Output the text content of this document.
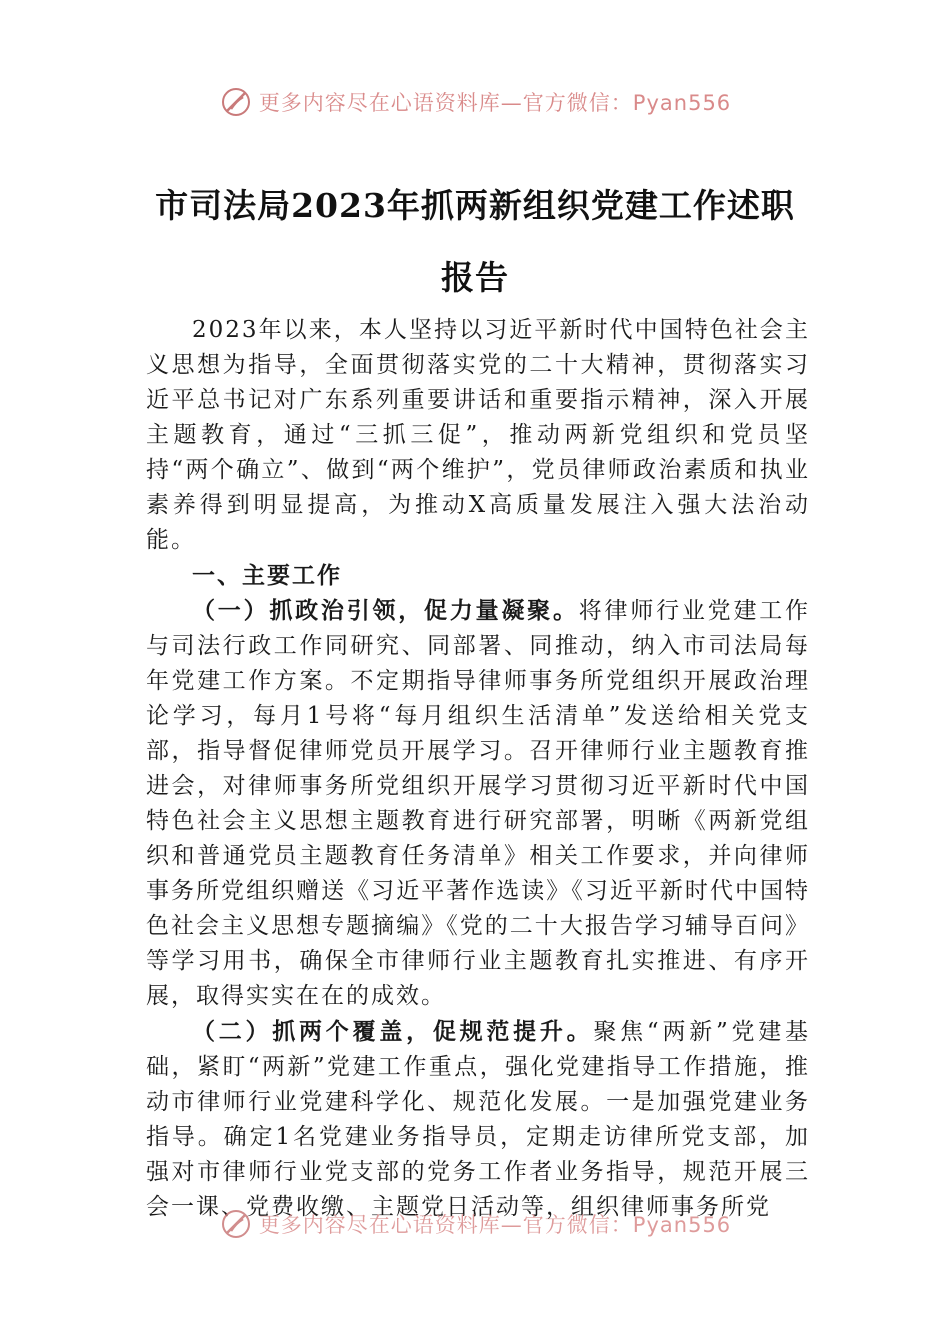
更多内容尽在心语资料库—官方微信：Pyan556
市司法局2023年抓两新组织党建工作述职报告

2023年以来，本人坚持以习近平新时代中国特色社会主义思想为指导，全面贯彻落实党的二十大精神，贯彻落实习近平总书记对广东系列重要讲话和重要指示精神，深入开展主题教育，通过“三抓三促”，推动两新党组织和党员坚持“两个确立”、做到“两个维护”，党员律师政治素质和执业素养得到明显提高，为推动X高质量发展注入强大法治动能。

一、主要工作

（一）抓政治引领，促力量凝聚。将律师行业党建工作与司法行政工作同研究、同部署、同推动，纳入市司法局每年党建工作方案。不定期指导律师事务所党组织开展政治理论学习，每月1号将“每月组织生活清单”发送给相关党支部，指导督促律师党员开展学习。召开律师行业主题教育推进会，对律师事务所党组织开展学习贯彻习近平新时代中国特色社会主义思想主题教育进行研究部署，明晰《两新党组织和普通党员主题教育任务清单》相关工作要求，并向律师事务所党组织赠送《习近平著作选读》《习近平新时代中国特色社会主义思想专题摘编》《党的二十大报告学习辅导百问》等学习用书，确保全市律师行业主题教育扎实推进、有序开展，取得实实在在的成效。

（二）抓两个覆盖，促规范提升。聚焦“两新”党建基础，紧盯“两新”党建工作重点，强化党建指导工作措施，推动市律师行业党建科学化、规范化发展。一是加强党建业务指导。确定1名党建业务指导员，定期走访律所党支部，加强对市律师行业党支部的党务工作者业务指导，规范开展三会一课、党费收缴、主题党日活动等，组织律师事务所党

更多内容尽在心语资料库—官方微信：Pyan556
